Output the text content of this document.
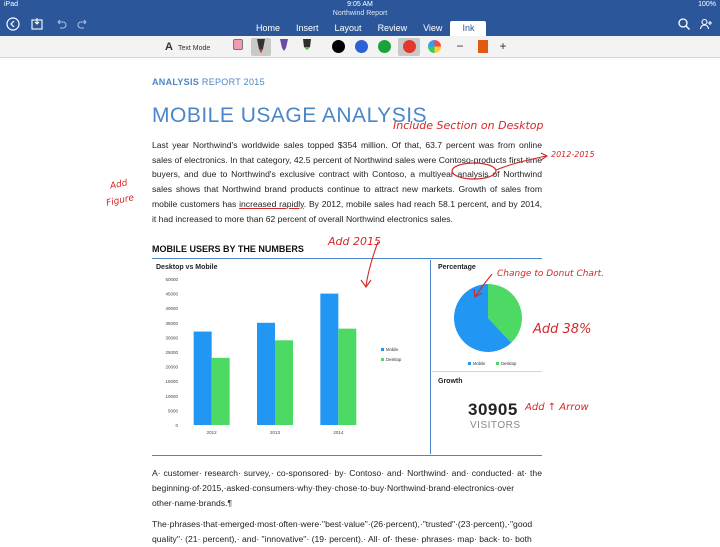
iPad	9:05 AM	100%
Northwind Report
Home	Insert	Layout	Review	View	Ink
A Text Mode	−	+
ANALYSIS REPORT 2015
MOBILE USAGE ANALYSIS
Last year Northwind's worldwide sales topped $354 million. Of that, 63.7 percent was from online sales of electronics. In that category, 42.5 percent of Northwind sales were Contoso-products first-time buyers, and due to Northwind's exclusive contract with Contoso, a multiyear analysis of Northwind sales shows that Northwind brand products continue to attract new markets. Growth of sales from mobile customers has increased rapidly. By 2012, mobile sales had reach 58.1 percent, and by 2014, it had increased to more than 62 percent of overall Northwind electronics sales.
MOBILE USERS BY THE NUMBERS
Desktop vs Mobile
0
5000
10000
15000
20000
25000
30000
35000
40000
45000
50000
2012	2013	2014
Mobile
Desktop
Percentage
Mobile	Desktop
Growth
30905
VISITORS
A· customer· research· survey,· co-sponsored· by· Contoso· and· Northwind· and· conducted· at· the beginning·of·2015,·asked·consumers·why·they·chose·to·buy·Northwind·brand·electronics·over other·name·brands.¶
The·phrases·that·emerged·most·often·were·"best·value"·(26·percent),·"trusted"·(23·percent),·"good quality"· (21· percent),· and· "innovative"· (19· percent).· All· of· these· phrases· map· back· to· both
Include Section on Desktop
2012-2015
Add
Figure
Add 2015
Change to Donut Chart.
Add 38%
Add ↑ Arrow
